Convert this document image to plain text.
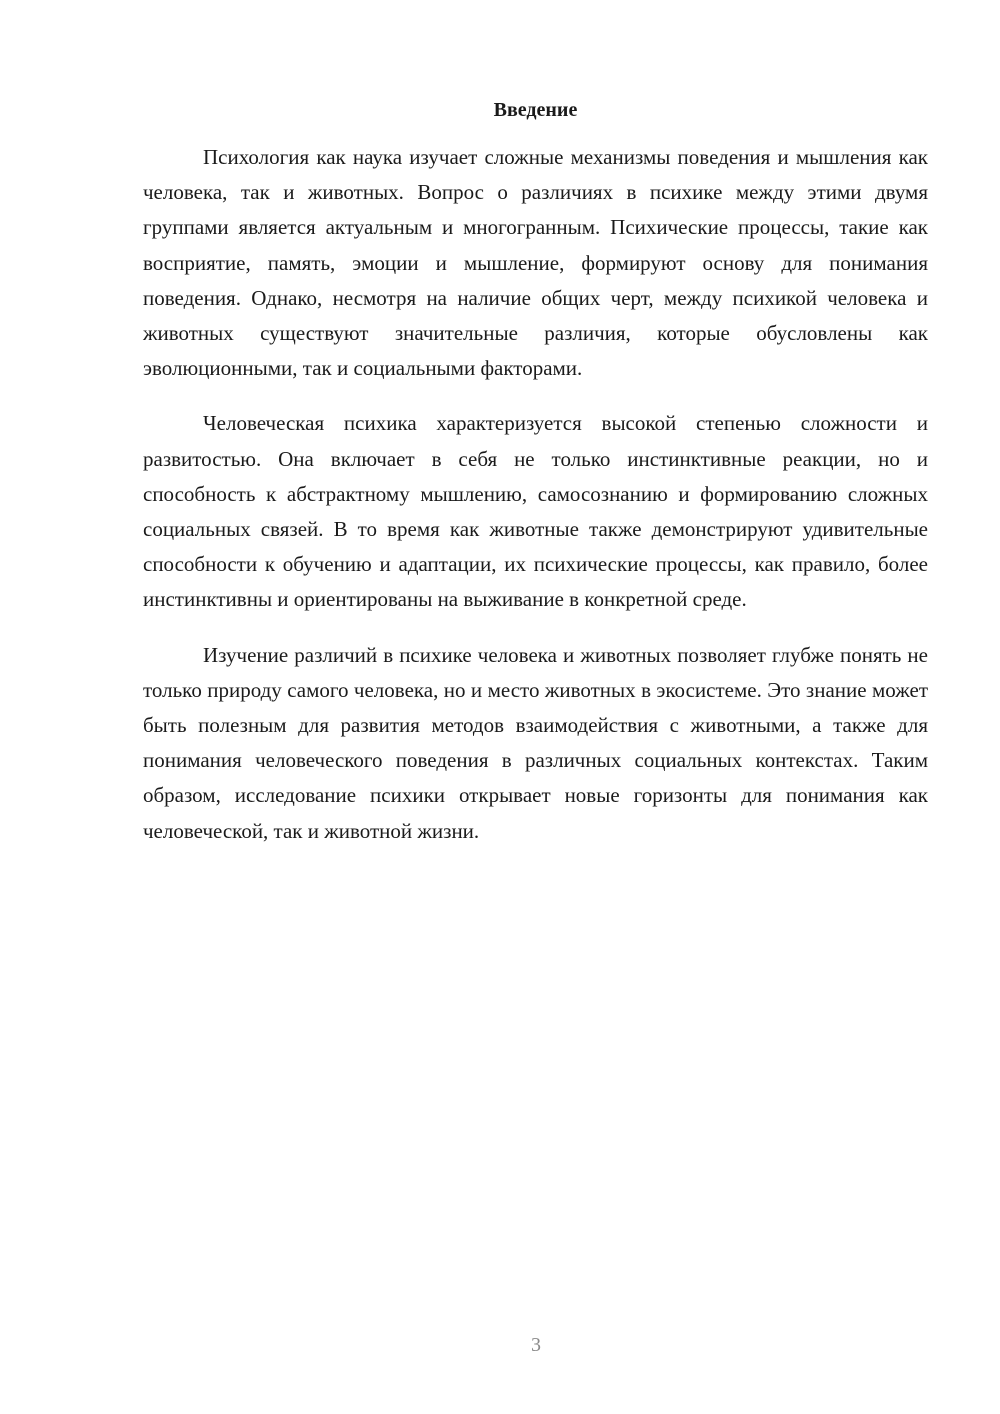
Введение

Психология как наука изучает сложные механизмы поведения и мышления как человека, так и животных. Вопрос о различиях в психике между этими двумя группами является актуальным и многогранным. Психические процессы, такие как восприятие, память, эмоции и мышление, формируют основу для понимания поведения. Однако, несмотря на наличие общих черт, между психикой человека и животных существуют значительные различия, которые обусловлены как эволюционными, так и социальными факторами.

Человеческая психика характеризуется высокой степенью сложности и развитостью. Она включает в себя не только инстинктивные реакции, но и способность к абстрактному мышлению, самосознанию и формированию сложных социальных связей. В то время как животные также демонстрируют удивительные способности к обучению и адаптации, их психические процессы, как правило, более инстинктивны и ориентированы на выживание в конкретной среде.

Изучение различий в психике человека и животных позволяет глубже понять не только природу самого человека, но и место животных в экосистеме. Это знание может быть полезным для развития методов взаимодействия с животными, а также для понимания человеческого поведения в различных социальных контекстах. Таким образом, исследование психики открывает новые горизонты для понимания как человеческой, так и животной жизни.

3
